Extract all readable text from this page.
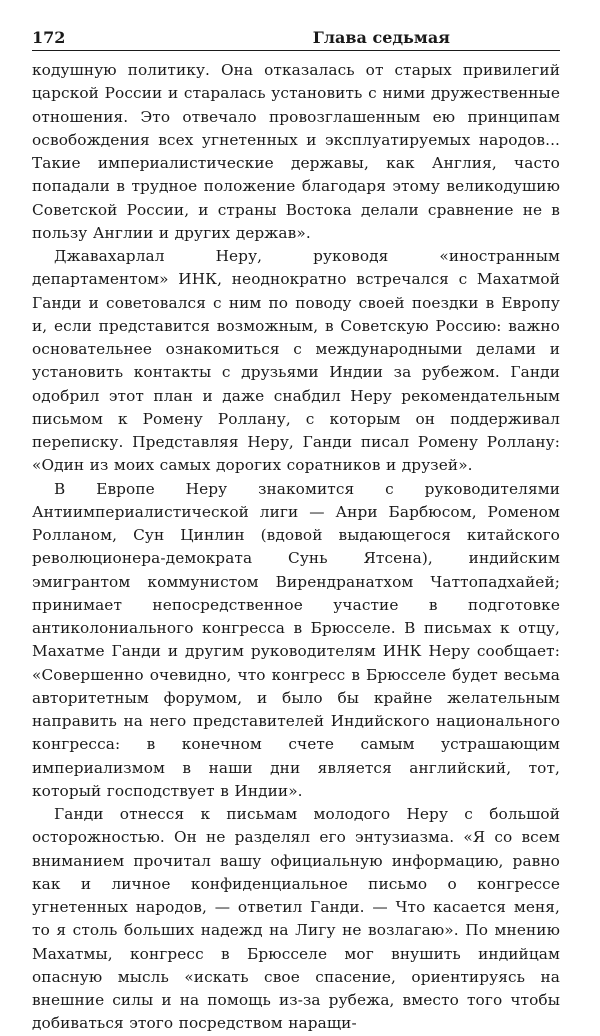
172	Глава седьмая

кодушную политику. Она отказалась от старых привилегий царской России и старалась установить с ними дружественные отношения. Это отвечало провозглашенным ею принципам освобождения всех угнетенных и эксплуатируемых народов... Такие империалистические державы, как Англия, часто попадали в трудное положение благодаря этому великодушию Советской России, и страны Востока делали сравнение не в пользу Англии и других держав».

Джавахарлал Неру, руководя «иностранным департаментом» ИНК, неоднократно встречался с Махатмой Ганди и советовался с ним по поводу своей поездки в Европу и, если представится возможным, в Советскую Россию: важно основательнее ознакомиться с международными делами и установить контакты с друзьями Индии за рубежом. Ганди одобрил этот план и даже снабдил Неру рекомендательным письмом к Ромену Роллану, с которым он поддерживал переписку. Представляя Неру, Ганди писал Ромену Роллану: «Один из моих самых дорогих соратников и друзей».

В Европе Неру знакомится с руководителями Антиимпериалистической лиги — Анри Барбюсом, Роменом Ролланом, Сун Цинлин (вдовой выдающегося китайского революционера-демократа Сунь Ятсена), индийским эмигрантом коммунистом Вирендранатхом Чаттопадхайей; принимает непосредственное участие в подготовке антиколониального конгресса в Брюсселе. В письмах к отцу, Махатме Ганди и другим руководителям ИНК Неру сообщает: «Совершенно очевидно, что конгресс в Брюсселе будет весьма авторитетным форумом, и было бы крайне желательным направить на него представителей Индийского национального конгресса: в конечном счете самым устрашающим империализмом в наши дни является английский, тот, который господствует в Индии».

Ганди отнесся к письмам молодого Неру с большой осторожностью. Он не разделял его энтузиазма. «Я со всем вниманием прочитал вашу официальную информацию, равно как и личное конфиденциальное письмо о конгрессе угнетенных народов, — ответил Ганди. — Что касается меня, то я столь больших надежд на Лигу не возлагаю». По мнению Махатмы, конгресс в Брюсселе мог внушить индийцам опасную мысль «искать свое спасение, ориентируясь на внешние силы и на помощь из-за рубежа, вместо того чтобы добиваться этого посредством наращи-
